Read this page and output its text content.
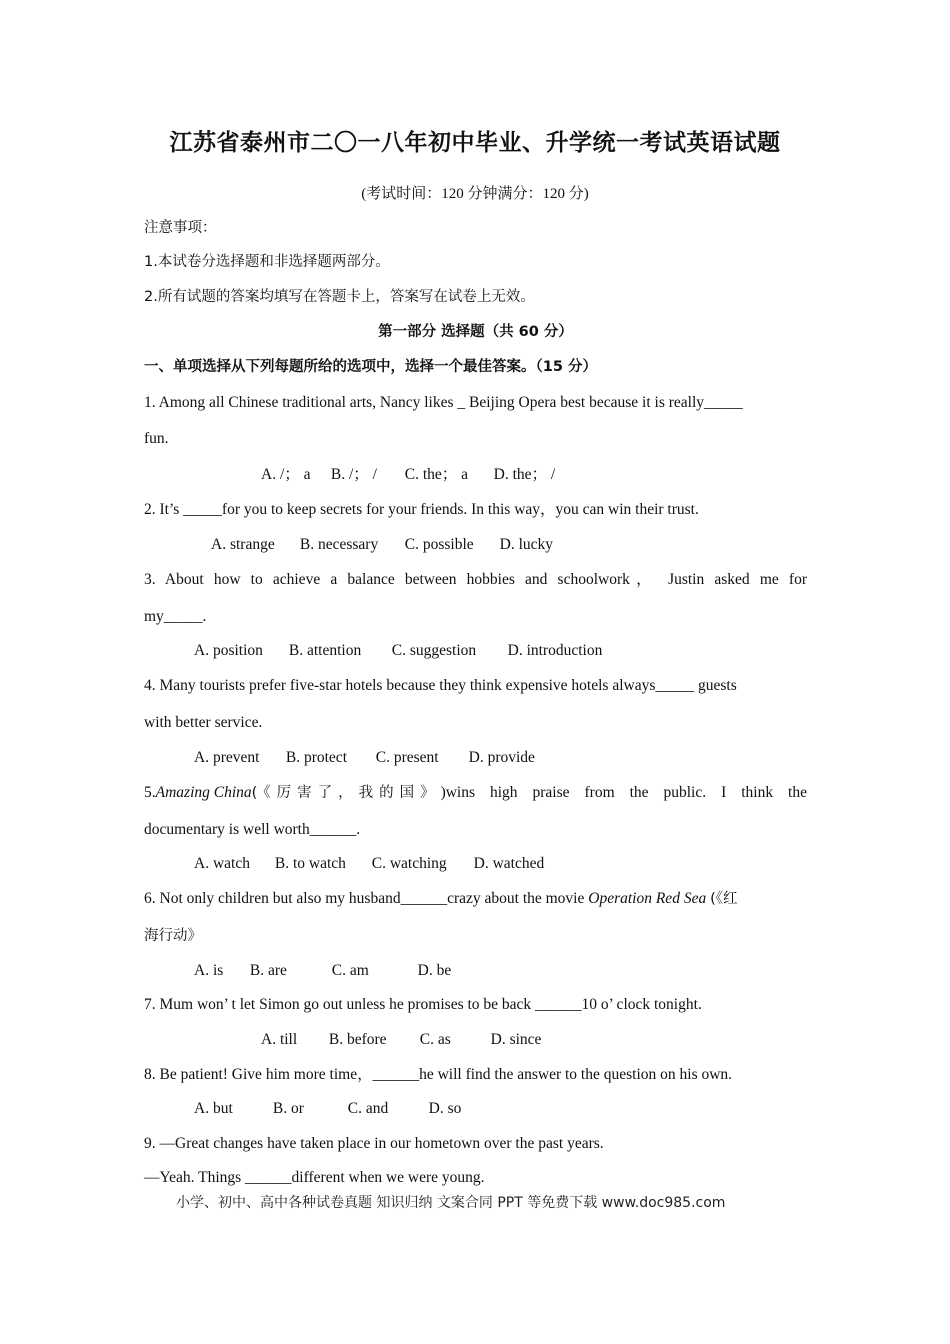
江苏省泰州市二〇一八年初中毕业、升学统一考试英语试题
(考试时间：120 分钟满分：120 分)
注意事项：
1.本试卷分选择题和非选择题两部分。
2.所有试题的答案均填写在答题卡上，答案写在试卷上无效。
第一部分 选择题（共 60 分）
一、单项选择从下列每题所给的选项中，选择一个最佳答案。（15 分）
1. Among all Chinese traditional arts, Nancy likes _ Beijing Opera best because it is really_____
fun.
A. /； a B. /； / C. the； a D. the； /
2. It’s _____for you to keep secrets for your friends. In this way，you can win their trust.
A. strange B. necessary C. possible D. lucky
3. About how to achieve a balance between hobbies and schoolwork， Justin asked me for
my_____.
A. position B. attention C. suggestion D. introduction
4. Many tourists prefer five-star hotels because they think expensive hotels always_____ guests
with better service.
A. prevent B. protect C. present D. provide
5. Amazing China (《厉害了，我的国》 )wins high praise from the public. I think the
documentary is well worth______.
A. watch B. to watch C. watching D. watched
6. Not only children but also my husband______crazy about the movie Operation Red Sea (《红
海行动》
A. is B. are	C. am	D. be
7. Mum won’ t let Simon go out unless he promises to be back ______10 o’ clock tonight.
A. till B. before C. as	D. since
8. Be patient! Give him more time，______he will find the answer to the question on his own.
A. but	B. or	C. and	D. so
9. —Great changes have taken place in our hometown over the past years.
—Yeah. Things ______different when we were young.
小学、初中、高中各种试卷真题 知识归纳 文案合同 PPT 等免费下载 www.doc985.com
